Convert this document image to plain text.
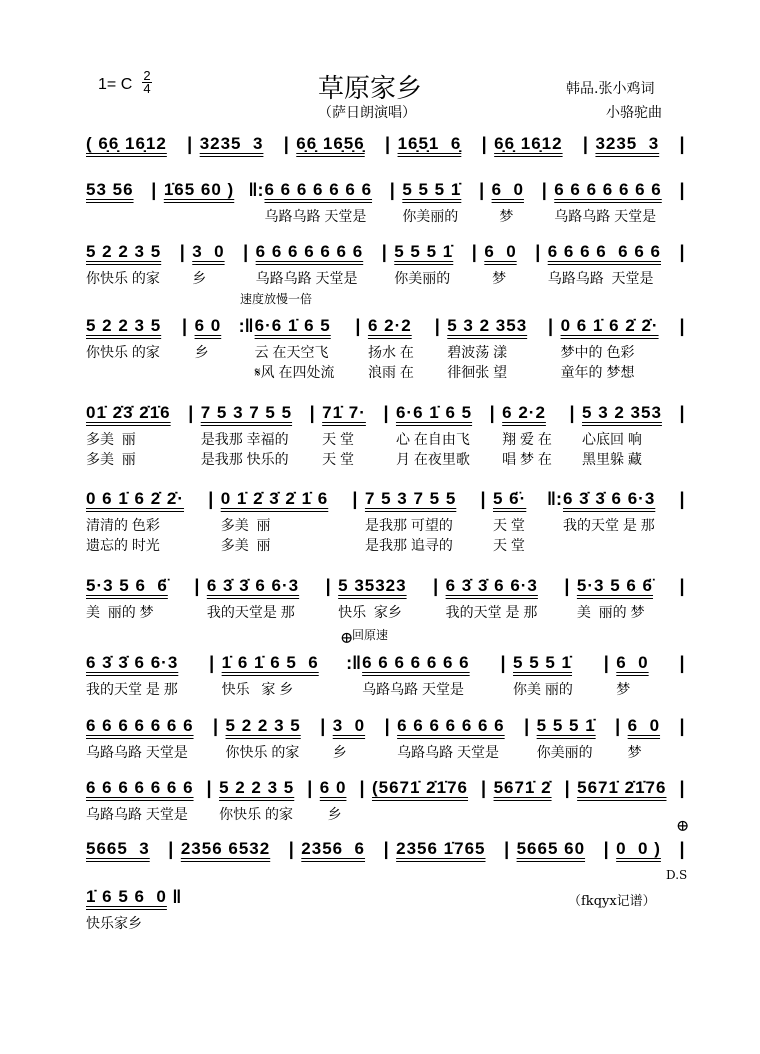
1= C
2
4	草原家乡
（萨日朗演唱）
韩品.张小鸡词
小骆驼曲
速度放慢一倍
⊕
回原速
⊕
D.S
（fkqyx记谱）
( 6̣6̣ 16̣12	| 3235  3	| 6̣6̣ 16̣5̣6̣	| 16̣5̣1  6̣	| 6̣6̣ 16̣12	| 3235  3	|
53 56 | 1̇65 60 ) ‖: 6 6 6 6 6 6 6
乌路乌路 天堂是
| 5 5 5 1̇
你美丽的
| 6  0
梦
| 6 6 6 6 6 6 6
乌路乌路 天堂是
|
5 2 2 3 5
你快乐 的家
| 3  0
乡
| 6 6 6 6 6 6 6
乌路乌路 天堂是
| 5 5 5 1̇
你美丽的
| 6  0
梦
| 6 6 6 6  6 6 6
乌路乌路  天堂是
|
5 2 2 3 5
你快乐 的家
| 6 0
乡
:‖ 6·6 1̇ 6 5
云 在天空飞
𝄋风 在四处流
| 6 2·2
扬水 在
浪雨 在
| 5 3 2 353
碧波荡 漾
徘徊张 望
| 0 6 1̇ 6 2̇ 2̇·
梦中的 色彩
童年的 梦想
|
01̇ 2̇3̇ 2̇1̇6
多美  丽
多美  丽
| 7 5 3 7 5 5
是我那 幸福的
是我那 快乐的
| 71̇ 7·
天 堂
天 堂
| 6·6 1̇ 6 5
心 在自由飞
月 在夜里歌
| 6 2·2
翔 爱 在
唱 梦 在
| 5 3 2 353
心底回 响
黑里躲 藏
|
0 6 1̇ 6 2̇ 2̇·
清清的 色彩
遗忘的 时光
| 0 1̇ 2̇ 3̇ 2̇ 1̇ 6
多美  丽
多美  丽
| 7 5 3 7 5 5
是我那 可望的
是我那 追寻的
| 5 6̈·
天 堂
天 堂
‖: 6 3̇ 3̇ 6 6·3
我的天堂 是 那
|
5·3 5 6  6̈
美  丽的 梦
| 6 3̇ 3̇ 6 6·3
我的天堂是 那
| 5 35323
快乐  家乡
| 6 3̇ 3̇ 6 6·3
我的天堂 是 那
| 5·3 5 6 6̈
美  丽的 梦
|
6 3̇ 3̇ 6 6·3
我的天堂 是 那
| 1̇ 6 1̇ 6 5  6
快乐   家 乡
:‖ 6 6 6 6 6 6 6
乌路乌路 天堂是
| 5 5 5 1̇
你美 丽的
| 6  0
梦
|
6 6 6 6 6 6 6
乌路乌路 天堂是
| 5 2 2 3 5
你快乐 的家
| 3  0
乡
| 6 6 6 6 6 6 6
乌路乌路 天堂是
| 5 5 5 1̇
你美丽的
| 6  0
梦
|
6 6 6 6 6 6 6
乌路乌路 天堂是
| 5 2 2 3 5
你快乐 的家
| 6 0
乡
| (5671̇ 2̇1̇76 | 5671̇ 2̇ | 5671̇ 2̇1̇76 |
5665  3	| 2356 6532	| 2356  6	| 2356 1̇765	| 5665 60	| 0  0 )	|
1̇ 6 5 6  0
快乐家乡
‖
